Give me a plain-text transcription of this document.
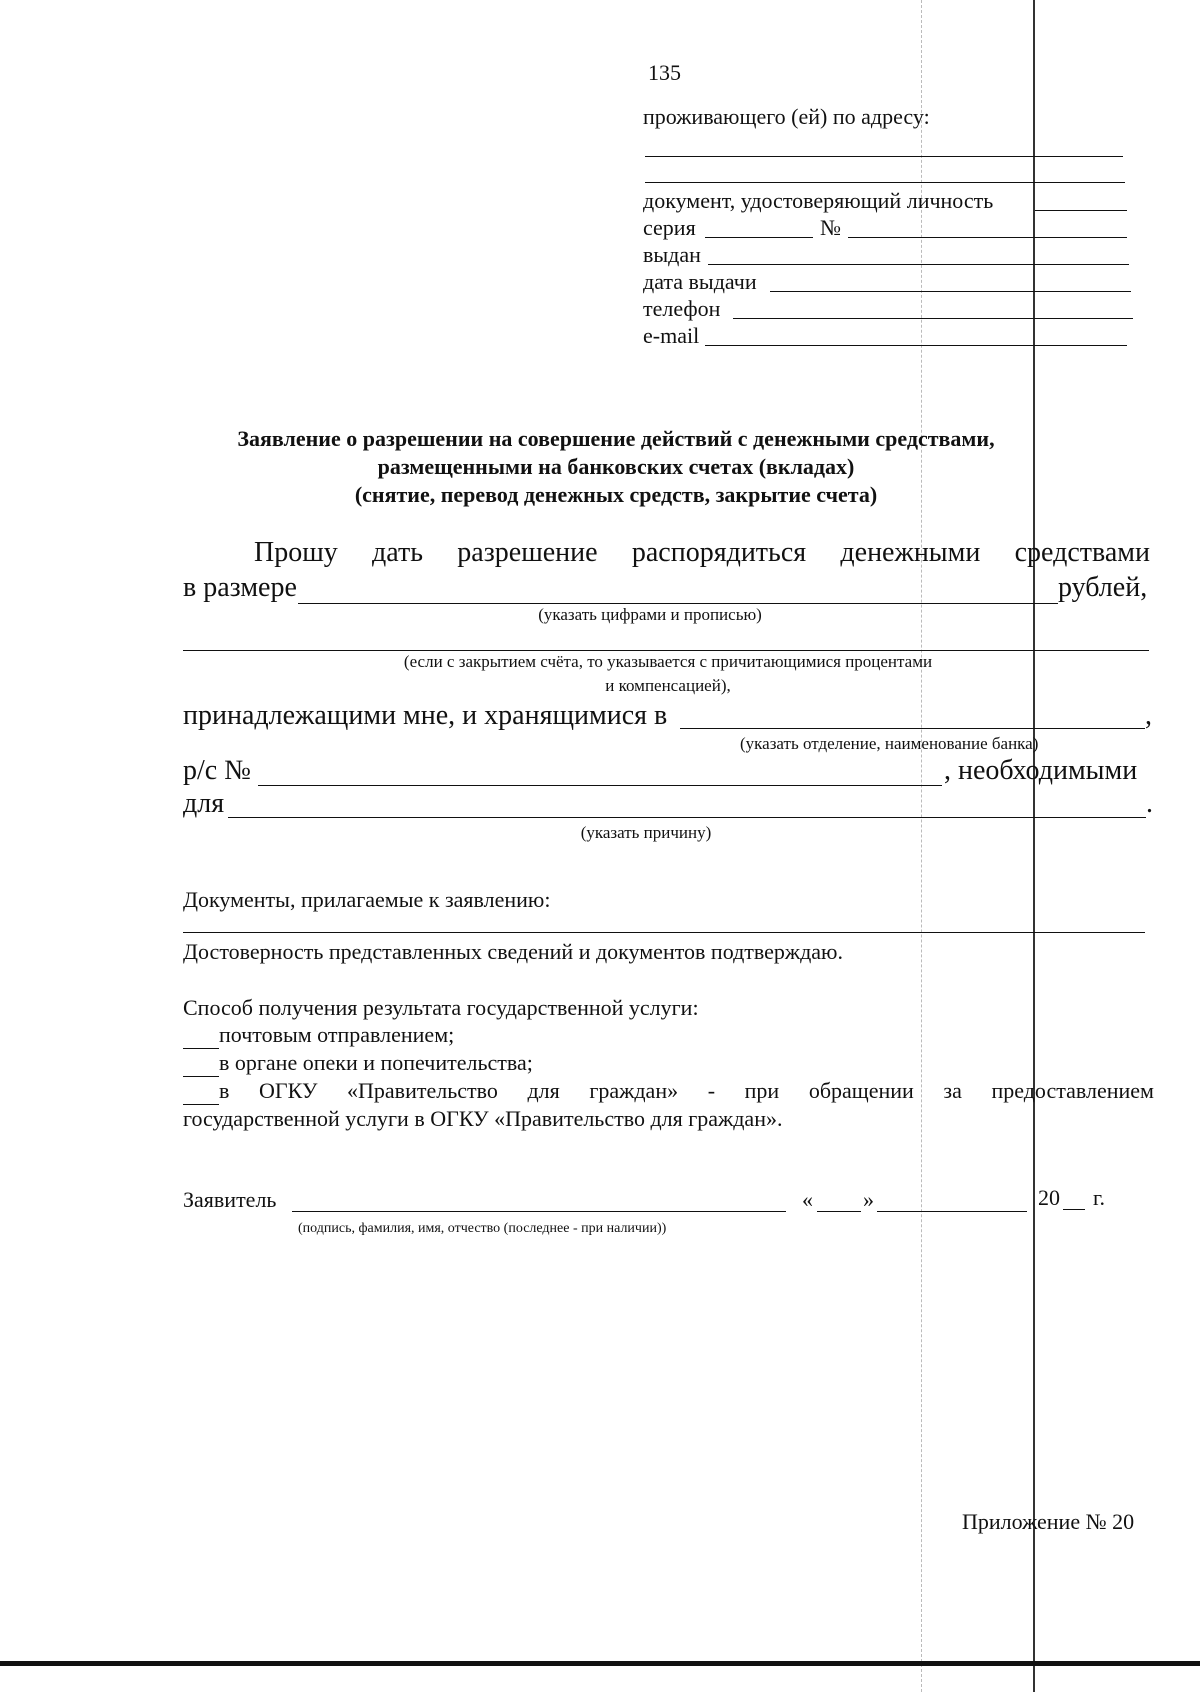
135
проживающего (ей) по адресу:
документ, удостоверяющий личность
серия	№
выдан
дата выдачи
телефон
e-mail
Заявление о разрешении на совершение действий с денежными средствами,
размещенными на банковских счетах (вкладах)
(снятие, перевод денежных средств, закрытие счета)
Прошу дать разрешение распорядиться денежными средствами
в размере	рублей,
(указать цифрами и прописью)
(если с закрытием счёта, то указывается с причитающимися процентами
и компенсацией),
принадлежащими мне, и хранящимися в	,
(указать отделение, наименование банка)
р/с №	, необходимыми
для	.
(указать причину)
Документы, прилагаемые к заявлению:
Достоверность представленных сведений и документов подтверждаю.
Способ получения результата государственной услуги:
почтовым отправлением;
в органе опеки и попечительства;
в ОГКУ «Правительство для граждан» - при обращении за предоставлением
государственной услуги в ОГКУ «Правительство для граждан».
Заявитель	« »	20 г.
(подпись, фамилия, имя, отчество (последнее - при наличии))
Приложение № 20
